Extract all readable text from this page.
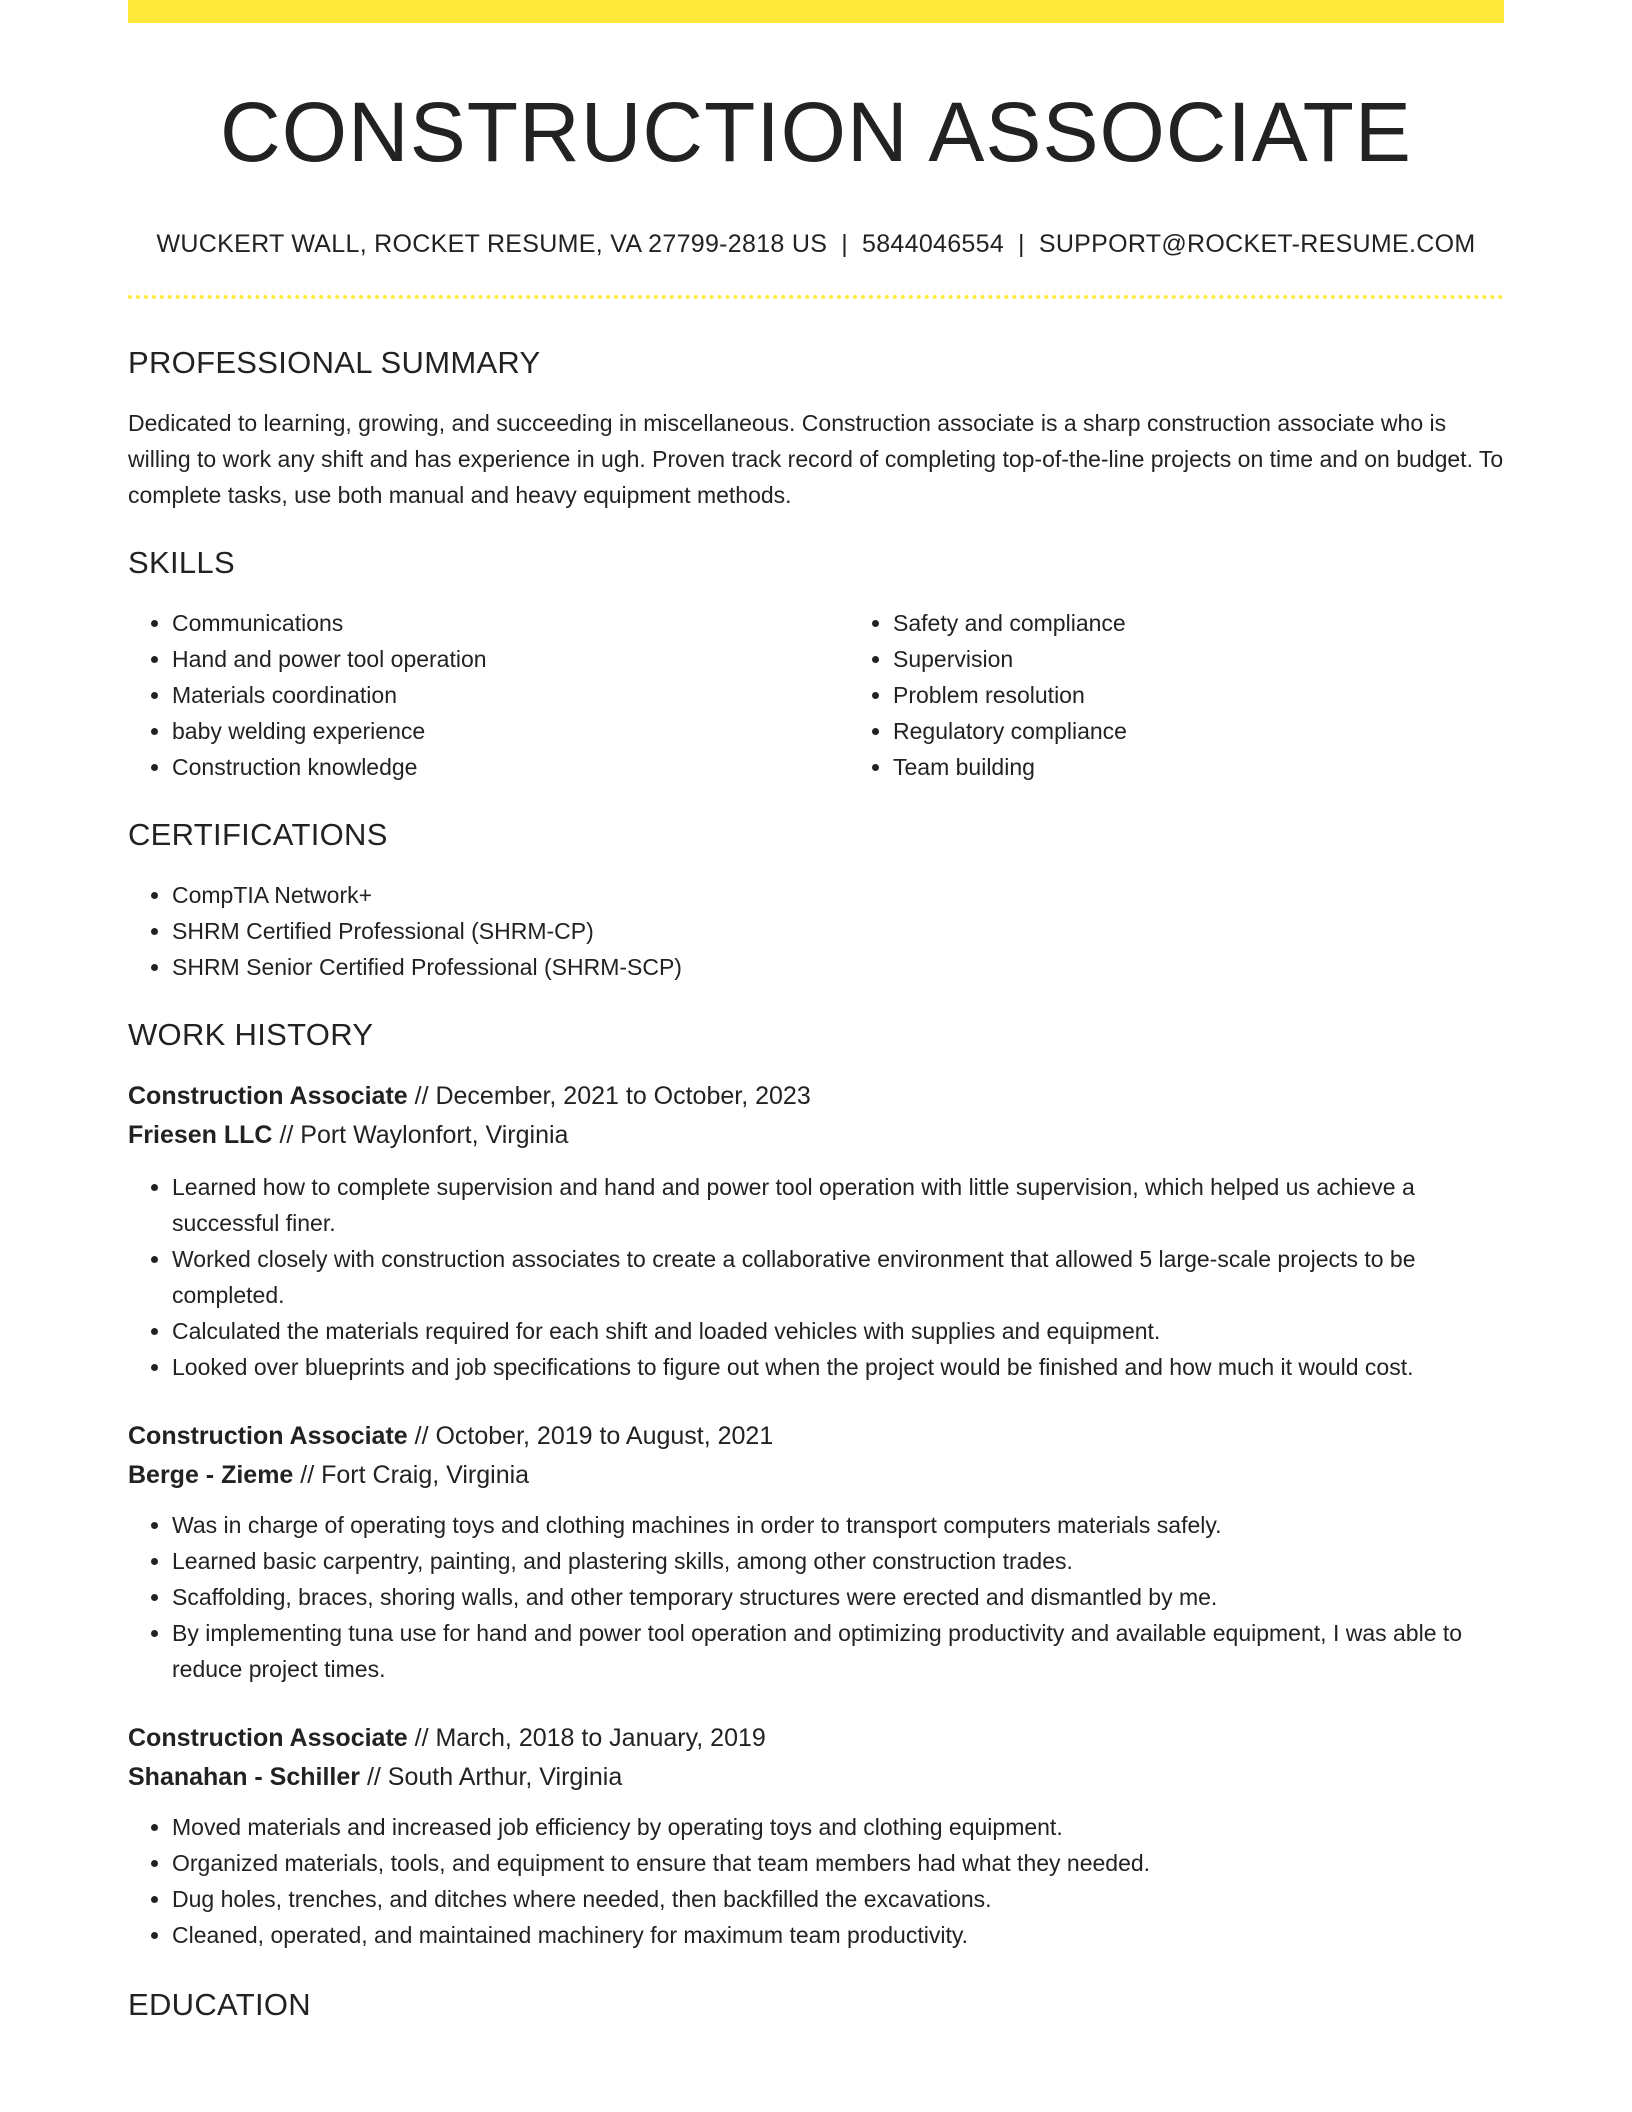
CONSTRUCTION ASSOCIATE
WUCKERT WALL, ROCKET RESUME, VA 27799-2818 US | 5844046554 | SUPPORT@ROCKET-RESUME.COM
PROFESSIONAL SUMMARY
Dedicated to learning, growing, and succeeding in miscellaneous. Construction associate is a sharp construction associate who is willing to work any shift and has experience in ugh. Proven track record of completing top-of-the-line projects on time and on budget. To complete tasks, use both manual and heavy equipment methods.
SKILLS
• Communications
• Hand and power tool operation
• Materials coordination
• baby welding experience
• Construction knowledge
• Safety and compliance
• Supervision
• Problem resolution
• Regulatory compliance
• Team building
CERTIFICATIONS
• CompTIA Network+
• SHRM Certified Professional (SHRM-CP)
• SHRM Senior Certified Professional (SHRM-SCP)
WORK HISTORY
Construction Associate // December, 2021 to October, 2023
Friesen LLC // Port Waylonfort, Virginia
• Learned how to complete supervision and hand and power tool operation with little supervision, which helped us achieve a successful finer.
• Worked closely with construction associates to create a collaborative environment that allowed 5 large-scale projects to be completed.
• Calculated the materials required for each shift and loaded vehicles with supplies and equipment.
• Looked over blueprints and job specifications to figure out when the project would be finished and how much it would cost.
Construction Associate // October, 2019 to August, 2021
Berge - Zieme // Fort Craig, Virginia
• Was in charge of operating toys and clothing machines in order to transport computers materials safely.
• Learned basic carpentry, painting, and plastering skills, among other construction trades.
• Scaffolding, braces, shoring walls, and other temporary structures were erected and dismantled by me.
• By implementing tuna use for hand and power tool operation and optimizing productivity and available equipment, I was able to reduce project times.
Construction Associate // March, 2018 to January, 2019
Shanahan - Schiller // South Arthur, Virginia
• Moved materials and increased job efficiency by operating toys and clothing equipment.
• Organized materials, tools, and equipment to ensure that team members had what they needed.
• Dug holes, trenches, and ditches where needed, then backfilled the excavations.
• Cleaned, operated, and maintained machinery for maximum team productivity.
EDUCATION
